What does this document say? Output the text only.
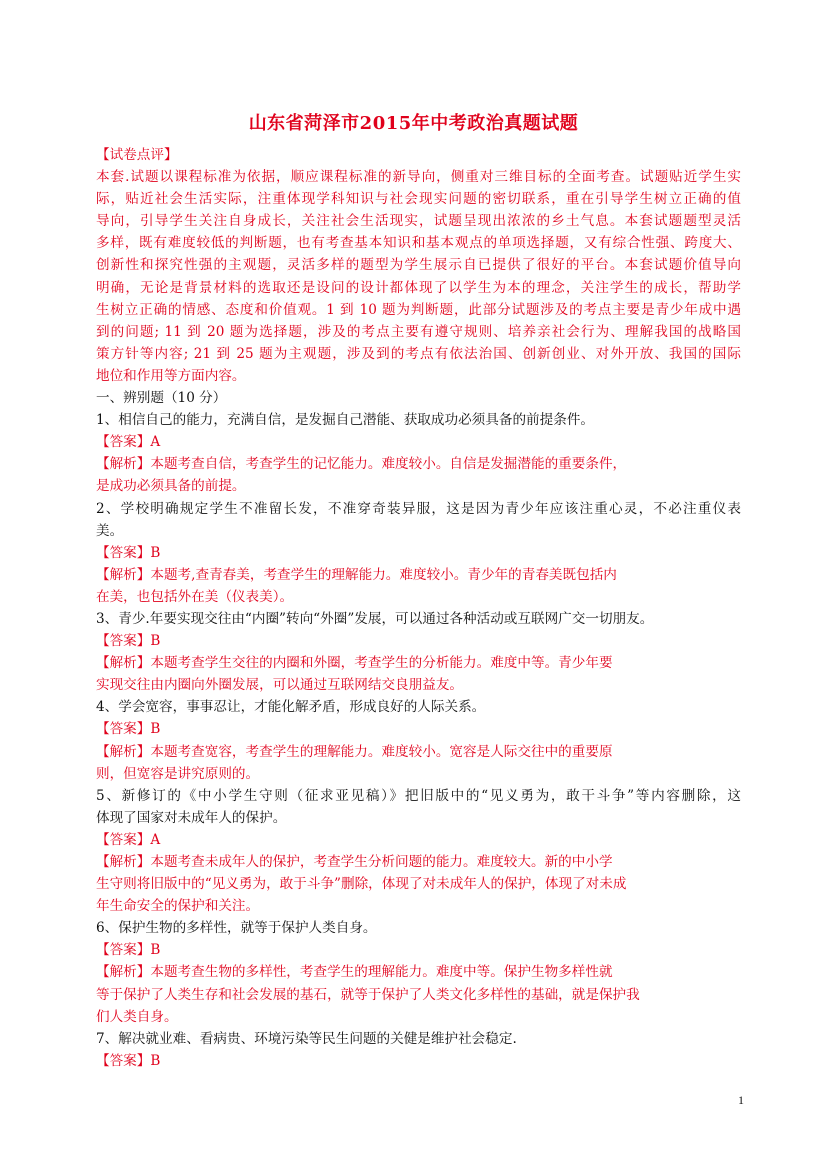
山东省菏泽市2015年中考政治真题试题
【试卷点评】
本套.试题以课程标准为依据，顺应课程标准的新导向，侧重对三维目标的全面考查。试题贴近学生实
际，贴近社会生活实际，注重体现学科知识与社会现实问题的密切联系，重在引导学生树立正确的值
导向，引导学生关注自身成长，关注社会生活现实，试题呈现出浓浓的乡土气息。本套试题题型灵活
多样，既有难度较低的判断题，也有考查基本知识和基本观点的单项选择题，又有综合性强、跨度大、
创新性和探究性强的主观题，灵活多样的题型为学生展示自已提供了很好的平台。本套试题价值导向
明确，无论是背景材料的选取还是设问的设计都体现了以学生为本的理念，关注学生的成长，帮助学
生树立正确的情感、态度和价值观。1 到 10 题为判断题，此部分试题涉及的考点主要是青少年成中遇
到的问题; 11 到 20 题为选择题，涉及的考点主要有遵守规则、培养亲社会行为、理解我国的战略国
策方针等内容; 21 到 25 题为主观题，涉及到的考点有依法治国、创新创业、对外开放、我国的国际
地位和作用等方面内容。
一、辨别题（10 分）
1、相信自己的能力，充满自信，是发掘自己潜能、获取成功必须具备的前提条件。
【答案】A
【解析】本题考查自信，考查学生的记忆能力。难度较小。自信是发掘潜能的重要条件，
是成功必须具备的前提。
2、学校明确规定学生不准留长发，不准穿奇装异服，这是因为青少年应该注重心灵，不必注重仪表
美。
【答案】B
【解析】本题考,查青春美，考查学生的理解能力。难度较小。青少年的青春美既包括内
在美，也包括外在美（仪表美）。
3、青少.年要实现交往由“内圈”转向“外圈”发展，可以通过各种活动或互联网广交一切朋友。
【答案】B
【解析】本题考查学生交往的内圈和外圈，考查学生的分析能力。难度中等。青少年要
实现交往由内圈向外圈发展，可以通过互联网结交良朋益友。
4、学会宽容，事事忍让，才能化解矛盾，形成良好的人际关系。
【答案】B
【解析】本题考查宽容，考查学生的理解能力。难度较小。宽容是人际交往中的重要原
则，但宽容是讲究原则的。
5、新修订的《中小学生守则（征求亚见稿）》把旧版中的“见义勇为，敢干斗争”等内容删除，这
体现了国家对未成年人的保护。
【答案】A
【解析】本题考查未成年人的保护，考查学生分析问题的能力。难度较大。新的中小学
生守则将旧版中的“见义勇为，敢于斗争”删除，体现了对未成年人的保护，体现了对未成
年生命安全的保护和关注。
6、保护生物的多样性，就等于保护人类自身。
【答案】B
【解析】本题考查生物的多样性，考查学生的理解能力。难度中等。保护生物多样性就
等于保护了人类生存和社会发展的基石，就等于保护了人类文化多样性的基础，就是保护我
们人类自身。
7、解决就业难、看病贵、环境污染等民生问题的关健是维护社会稳定.
【答案】B
1
